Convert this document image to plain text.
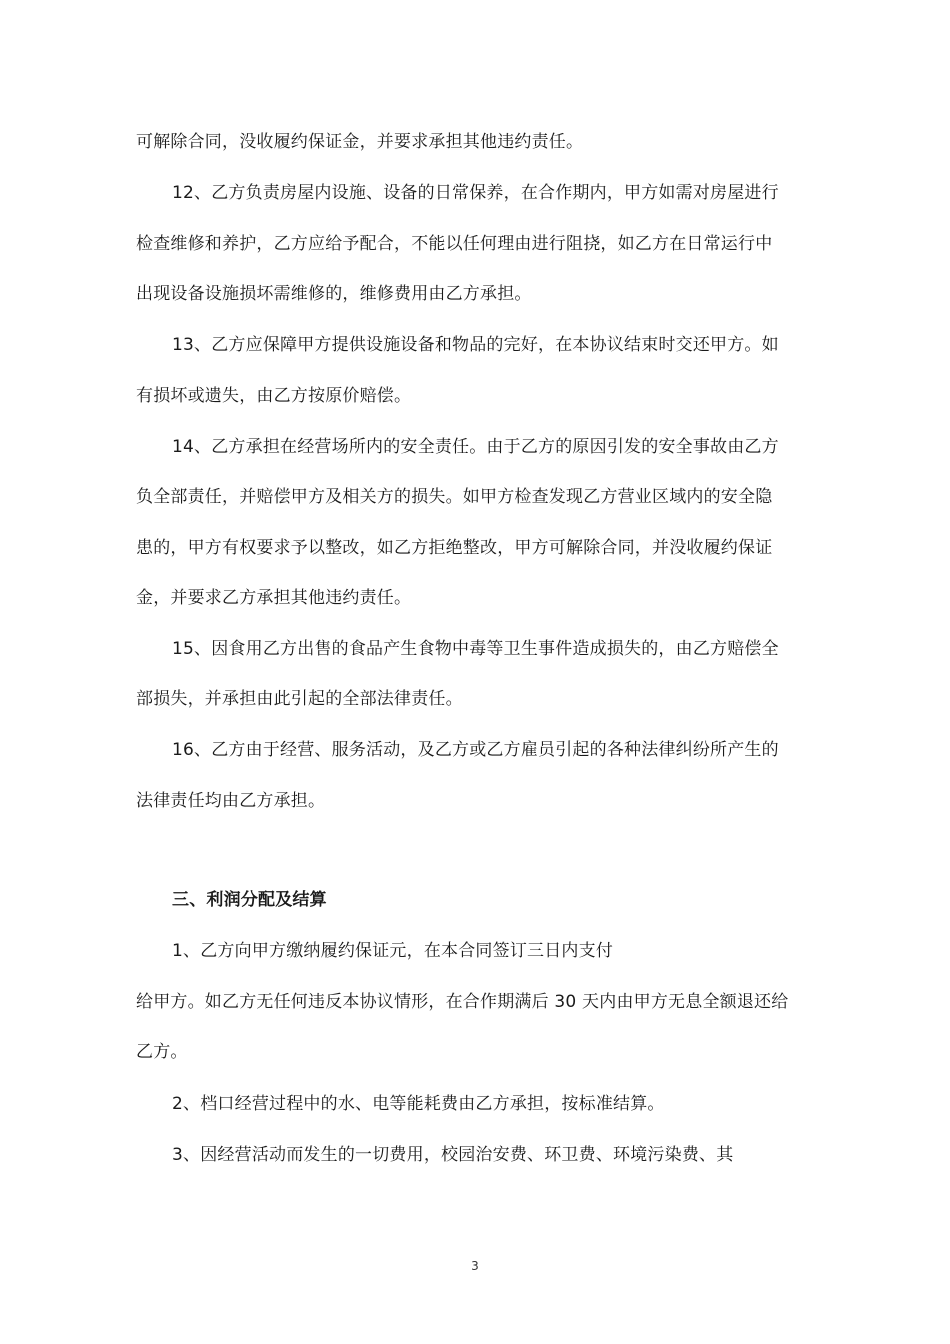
可解除合同，没收履约保证金，并要求承担其他违约责任。
12、乙方负责房屋内设施、设备的日常保养，在合作期内，甲方如需对房屋进行
检查维修和养护，乙方应给予配合，不能以任何理由进行阻挠，如乙方在日常运行中
出现设备设施损坏需维修的，维修费用由乙方承担。
13、乙方应保障甲方提供设施设备和物品的完好，在本协议结束时交还甲方。如
有损坏或遗失，由乙方按原价赔偿。
14、乙方承担在经营场所内的安全责任。由于乙方的原因引发的安全事故由乙方
负全部责任，并赔偿甲方及相关方的损失。如甲方检查发现乙方营业区域内的安全隐
患的，甲方有权要求予以整改，如乙方拒绝整改，甲方可解除合同，并没收履约保证
金，并要求乙方承担其他违约责任。
15、因食用乙方出售的食品产生食物中毒等卫生事件造成损失的，由乙方赔偿全
部损失，并承担由此引起的全部法律责任。
16、乙方由于经营、服务活动，及乙方或乙方雇员引起的各种法律纠纷所产生的
法律责任均由乙方承担。
三、利润分配及结算
1、乙方向甲方缴纳履约保证元，在本合同签订三日内支付
给甲方。如乙方无任何违反本协议情形，在合作期满后 30 天内由甲方无息全额退还给
乙方。
2、档口经营过程中的水、电等能耗费由乙方承担，按标准结算。
3、因经营活动而发生的一切费用，校园治安费、环卫费、环境污染费、其
3
